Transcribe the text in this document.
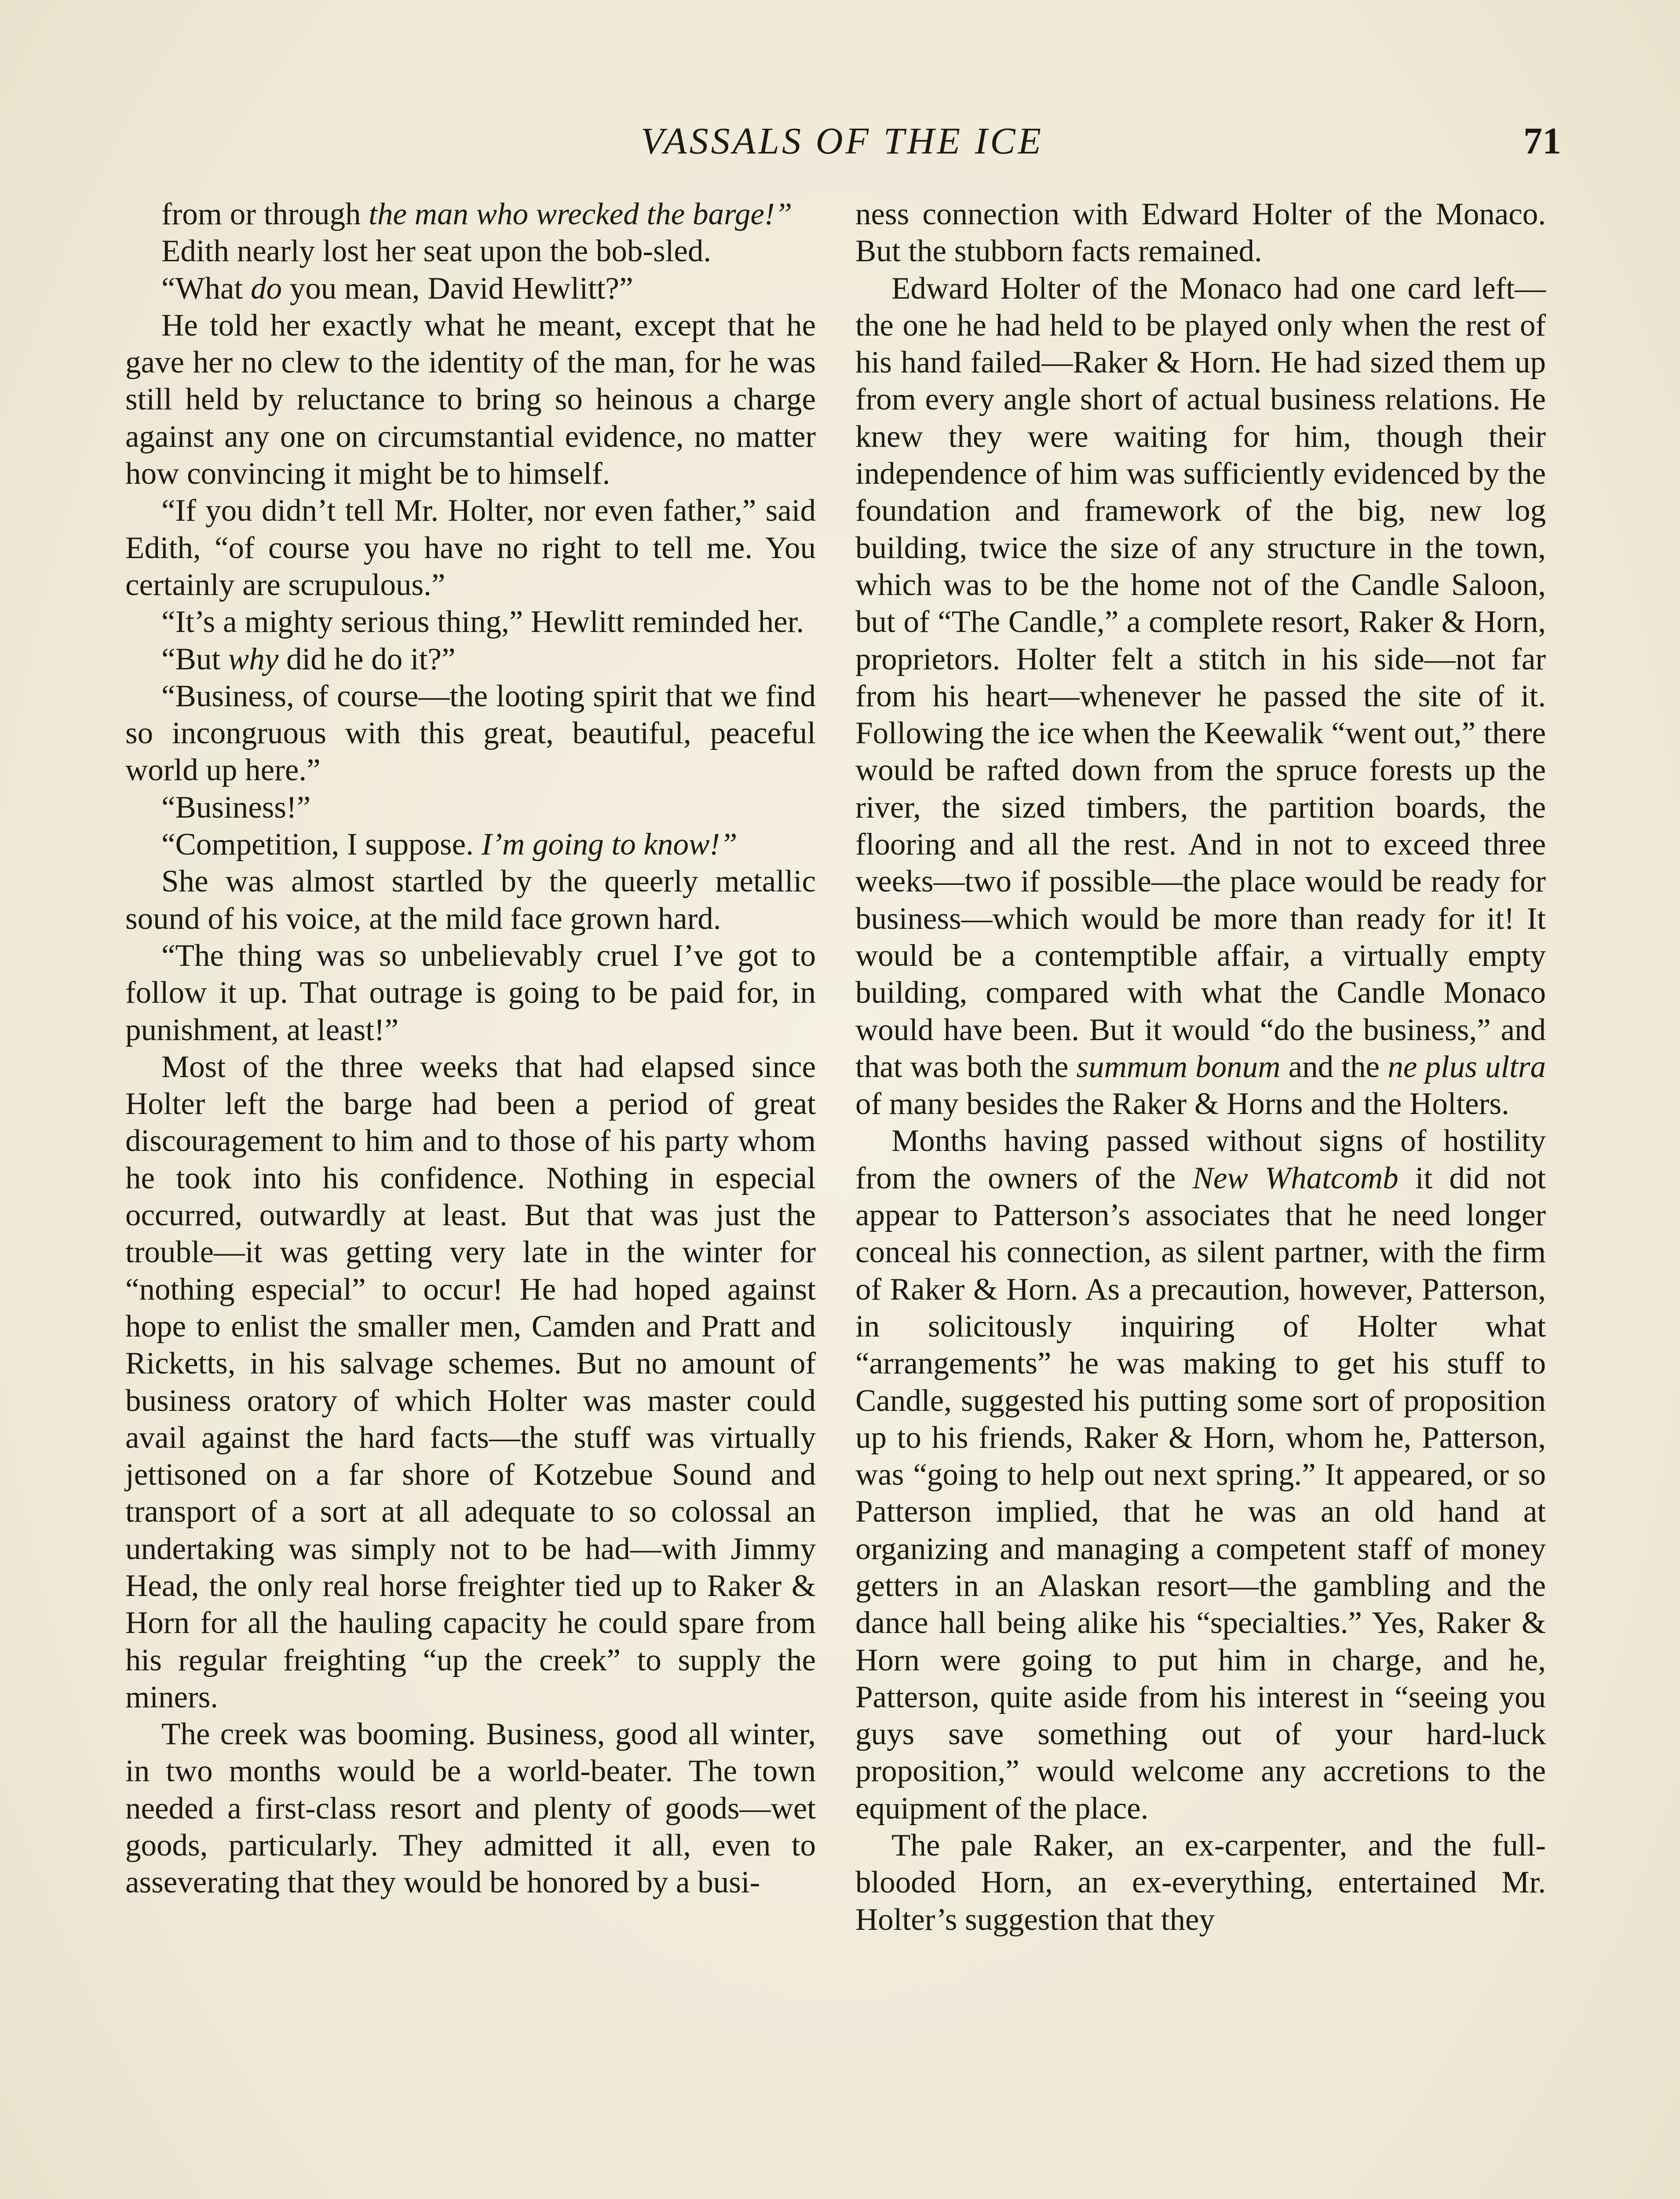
VASSALS OF THE ICE	71

from or through the man who wrecked the barge!”

Edith nearly lost her seat upon the bob-sled.

“What do you mean, David Hewlitt?”

He told her exactly what he meant, except that he gave her no clew to the identity of the man, for he was still held by reluctance to bring so heinous a charge against any one on circumstantial evidence, no matter how convincing it might be to himself.

“If you didn’t tell Mr. Holter, nor even father,” said Edith, “of course you have no right to tell me. You certainly are scrupulous.”

“It’s a mighty serious thing,” Hewlitt reminded her.

“But why did he do it?”

“Business, of course—the looting spirit that we find so incongruous with this great, beautiful, peaceful world up here.”

“Business!”

“Competition, I suppose. I’m going to know!”

She was almost startled by the queerly metallic sound of his voice, at the mild face grown hard.

“The thing was so unbelievably cruel I’ve got to follow it up. That outrage is going to be paid for, in punishment, at least!”

Most of the three weeks that had elapsed since Holter left the barge had been a period of great discouragement to him and to those of his party whom he took into his confidence. Nothing in especial occurred, outwardly at least. But that was just the trouble—it was getting very late in the winter for “nothing especial” to occur! He had hoped against hope to enlist the smaller men, Camden and Pratt and Ricketts, in his salvage schemes. But no amount of business oratory of which Holter was master could avail against the hard facts—the stuff was virtually jettisoned on a far shore of Kotzebue Sound and transport of a sort at all adequate to so colossal an undertaking was simply not to be had—with Jimmy Head, the only real horse freighter tied up to Raker & Horn for all the hauling capacity he could spare from his regular freighting “up the creek” to supply the miners.

The creek was booming. Business, good all winter, in two months would be a world-beater. The town needed a first-class resort and plenty of goods—wet goods, particularly. They admitted it all, even to asseverating that they would be honored by a busi-

ness connection with Edward Holter of the Monaco. But the stubborn facts remained.

Edward Holter of the Monaco had one card left—the one he had held to be played only when the rest of his hand failed—Raker & Horn. He had sized them up from every angle short of actual business relations. He knew they were waiting for him, though their independence of him was sufficiently evidenced by the foundation and framework of the big, new log building, twice the size of any structure in the town, which was to be the home not of the Candle Saloon, but of “The Candle,” a complete resort, Raker & Horn, proprietors. Holter felt a stitch in his side—not far from his heart—whenever he passed the site of it. Following the ice when the Keewalik “went out,” there would be rafted down from the spruce forests up the river, the sized timbers, the partition boards, the flooring and all the rest. And in not to exceed three weeks—two if possible—the place would be ready for business—which would be more than ready for it! It would be a contemptible affair, a virtually empty building, compared with what the Candle Monaco would have been. But it would “do the business,” and that was both the summum bonum and the ne plus ultra of many besides the Raker & Horns and the Holters.

Months having passed without signs of hostility from the owners of the New Whatcomb it did not appear to Patterson’s associates that he need longer conceal his connection, as silent partner, with the firm of Raker & Horn. As a precaution, however, Patterson, in solicitously inquiring of Holter what “arrangements” he was making to get his stuff to Candle, suggested his putting some sort of proposition up to his friends, Raker & Horn, whom he, Patterson, was “going to help out next spring.” It appeared, or so Patterson implied, that he was an old hand at organizing and managing a competent staff of money getters in an Alaskan resort—the gambling and the dance hall being alike his “specialties.” Yes, Raker & Horn were going to put him in charge, and he, Patterson, quite aside from his interest in “seeing you guys save something out of your hard-luck proposition,” would welcome any accretions to the equipment of the place.

The pale Raker, an ex-carpenter, and the full-blooded Horn, an ex-everything, entertained Mr. Holter’s suggestion that they
